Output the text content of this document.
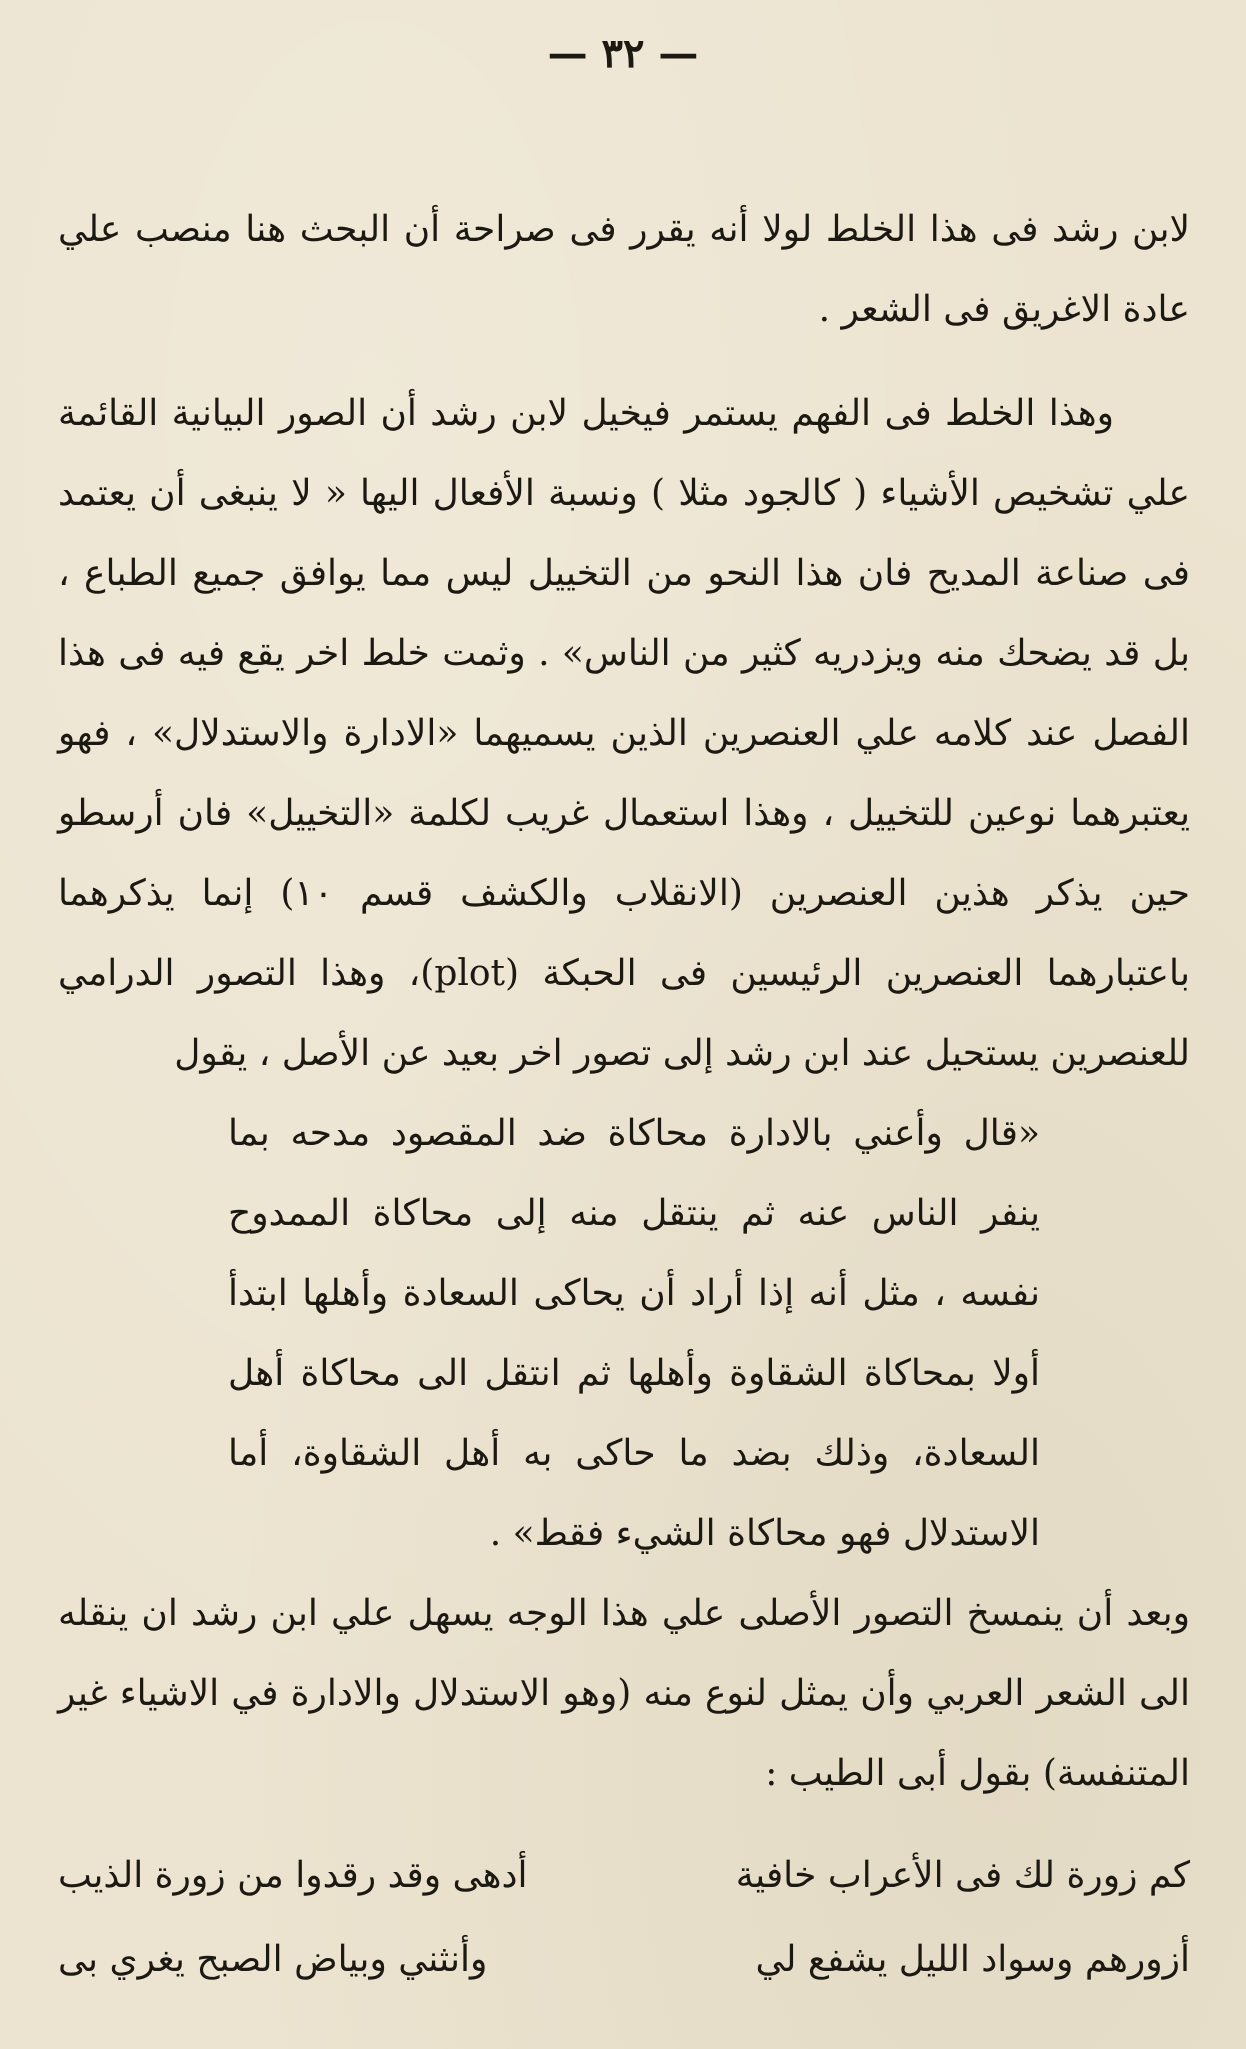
— ٣٢ —

لابن رشد فى هذا الخلط لولا أنه يقرر فى صراحة أن البحث هنا منصب علي عادة الاغريق فى الشعر .

وهذا الخلط فى الفهم يستمر فيخيل لابن رشد أن الصور البيانية القائمة علي تشخيص الأشياء ( كالجود مثلا ) ونسبة الأفعال اليها « لا ينبغى أن يعتمد فى صناعة المديح فان هذا النحو من التخييل ليس مما يوافق جميع الطباع ، بل قد يضحك منه ويزدريه كثير من الناس» . وثمت خلط اخر يقع فيه فى هذا الفصل عند كلامه علي العنصرين الذين يسميهما «الادارة والاستدلال» ، فهو يعتبرهما نوعين للتخييل ، وهذا استعمال غريب لكلمة «التخييل» فان أرسطو حين يذكر هذين العنصرين (الانقلاب والكشف قسم ١٠) إنما يذكرهما باعتبارهما العنصرين الرئيسين فى الحبكة (plot)، وهذا التصور الدرامي للعنصرين يستحيل عند ابن رشد إلى تصور اخر بعيد عن الأصل ، يقول

«قال وأعني بالادارة محاكاة ضد المقصود مدحه بما ينفر الناس عنه ثم ينتقل منه إلى محاكاة الممدوح نفسه ، مثل أنه إذا أراد أن يحاكى السعادة وأهلها ابتدأ أولا بمحاكاة الشقاوة وأهلها ثم انتقل الى محاكاة أهل السعادة، وذلك بضد ما حاكى به أهل الشقاوة، أما الاستدلال فهو محاكاة الشيء فقط» .

وبعد أن ينمسخ التصور الأصلى علي هذا الوجه يسهل علي ابن رشد ان ينقله الى الشعر العربي وأن يمثل لنوع منه (وهو الاستدلال والادارة في الاشياء غير المتنفسة) بقول أبى الطيب :

كم زورة لك فى الأعراب خافية
أدهى وقد رقدوا من زورة الذيب
أزورهم وسواد الليل يشفع لي
وأنثني وبياض الصبح يغري بى
